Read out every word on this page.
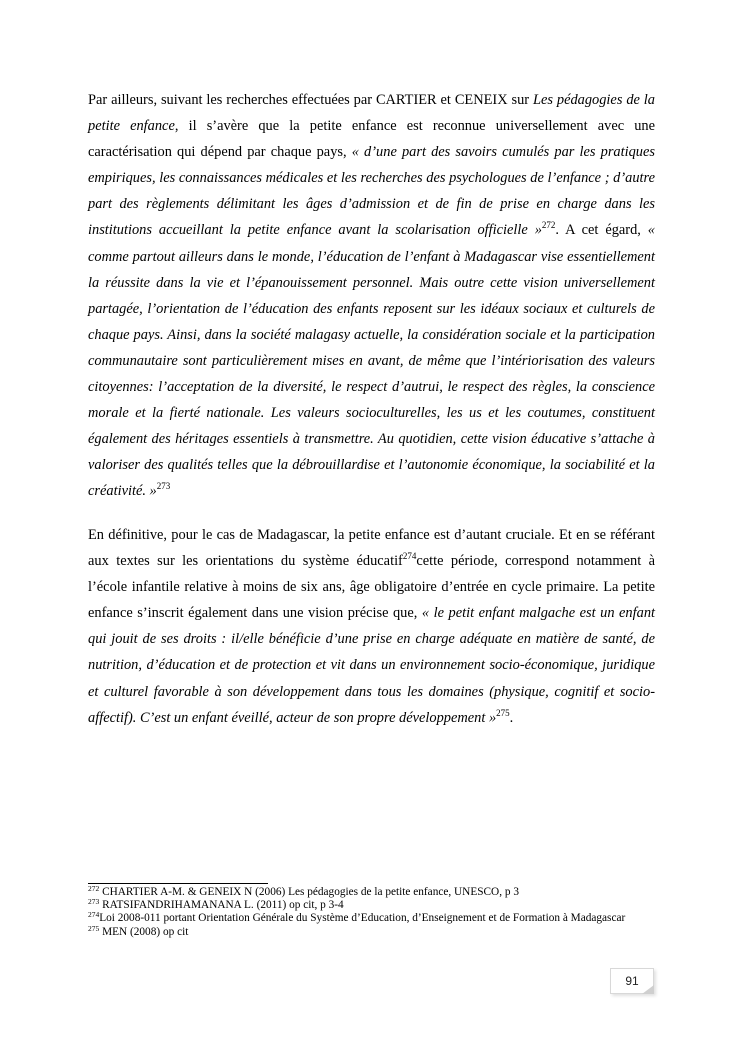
Par ailleurs, suivant les recherches effectuées par CARTIER et CENEIX sur Les pédagogies de la petite enfance, il s’avère que la petite enfance est reconnue universellement avec une caractérisation qui dépend par chaque pays, « d’une part des savoirs cumulés par les pratiques empiriques, les connaissances médicales et les recherches des psychologues de l’enfance ; d’autre part des règlements délimitant les âges d’admission et de fin de prise en charge dans les institutions accueillant la petite enfance avant la scolarisation officielle »$^{272}$. A cet égard, « comme partout ailleurs dans le monde, l’éducation de l’enfant à Madagascar vise essentiellement la réussite dans la vie et l’épanouissement personnel. Mais outre cette vision universellement partagée, l’orientation de l’éducation des enfants reposent sur les idéaux sociaux et culturels de chaque pays. Ainsi, dans la société malagasy actuelle, la considération sociale et la participation communautaire sont particulièrement mises en avant, de même que l’intériorisation des valeurs citoyennes: l’acceptation de la diversité, le respect d’autrui, le respect des règles, la conscience morale et la fierté nationale. Les valeurs socioculturelles, les us et les coutumes, constituent également des héritages essentiels à transmettre. Au quotidien, cette vision éducative s’attache à valoriser des qualités telles que la débrouillardise et l’autonomie économique, la sociabilité et la créativité. »$^{273}$

En définitive, pour le cas de Madagascar, la petite enfance est d’autant cruciale. Et en se référant aux textes sur les orientations du système éducatif$^{274}$cette période, correspond notamment à l’école infantile relative à moins de six ans, âge obligatoire d’entrée en cycle primaire. La petite enfance s’inscrit également dans une vision précise que, « le petit enfant malgache est un enfant qui jouit de ses droits : il/elle bénéficie d’une prise en charge adéquate en matière de santé, de nutrition, d’éducation et de protection et vit dans un environnement socio-économique, juridique et culturel favorable à son développement dans tous les domaines (physique, cognitif et socio-affectif). C’est un enfant éveillé, acteur de son propre développement »$^{275}$.

$^{272}$ CHARTIER A-M. & GENEIX N (2006) Les pédagogies de la petite enfance, UNESCO, p 3

$^{273}$ RATSIFANDRIHAMANANA L. (2011) op cit, p 3-4

$^{274}$Loi 2008-011 portant Orientation Générale du Système d’Education, d’Enseignement et de Formation à Madagascar

$^{275}$ MEN (2008) op cit

91
